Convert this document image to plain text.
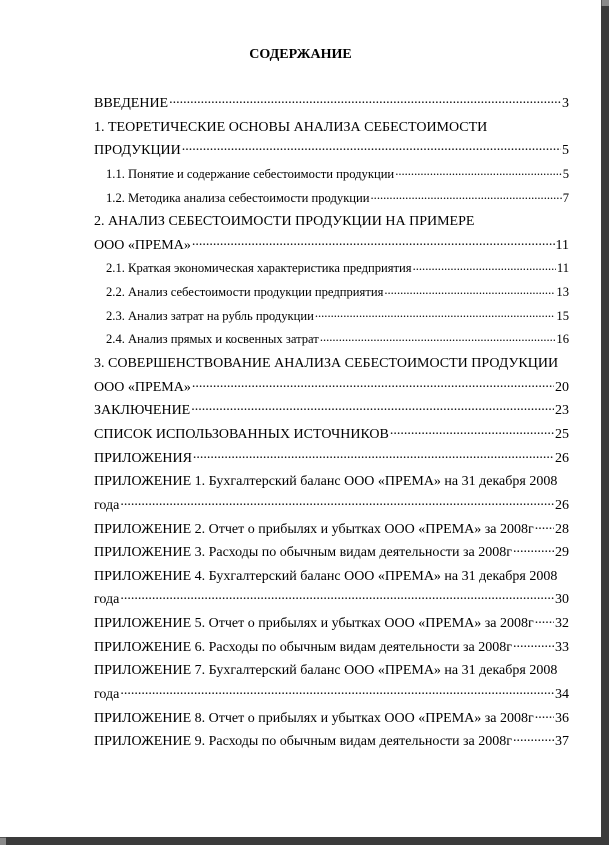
СОДЕРЖАНИЕ
ВВЕДЕНИЕ .....	3
1. ТЕОРЕТИЧЕСКИЕ ОСНОВЫ АНАЛИЗА СЕБЕСТОИМОСТИ
ПРОДУКЦИИ .....	5
1.1. Понятие и содержание себестоимости продукции .....	5
1.2. Методика анализа себестоимости продукции .....	7
2. АНАЛИЗ СЕБЕСТОИМОСТИ ПРОДУКЦИИ НА ПРИМЕРЕ
ООО «ПРЕМА» .....	11
2.1. Краткая экономическая характеристика предприятия .....	11
2.2. Анализ себестоимости продукции предприятия .....	13
2.3. Анализ затрат на рубль продукции .....	15
2.4. Анализ прямых и косвенных затрат .....	16
3. СОВЕРШЕНСТВОВАНИЕ АНАЛИЗА СЕБЕСТОИМОСТИ ПРОДУКЦИИ
ООО «ПРЕМА» .....	20
ЗАКЛЮЧЕНИЕ .....	23
СПИСОК ИСПОЛЬЗОВАННЫХ ИСТОЧНИКОВ .....	25
ПРИЛОЖЕНИЯ .....	26
ПРИЛОЖЕНИЕ 1. Бухгалтерский баланс ООО «ПРЕМА» на 31 декабря 2008
года .....	26
ПРИЛОЖЕНИЕ 2. Отчет о прибылях и убытках ООО «ПРЕМА» за 2008г ..... 28
ПРИЛОЖЕНИЕ 3. Расходы по обычным видам деятельности за 2008г .....	29
ПРИЛОЖЕНИЕ 4. Бухгалтерский баланс ООО «ПРЕМА» на 31 декабря 2008
года .....	30
ПРИЛОЖЕНИЕ 5. Отчет о прибылях и убытках ООО «ПРЕМА» за 2008г ..... 32
ПРИЛОЖЕНИЕ 6. Расходы по обычным видам деятельности за 2008г .....	33
ПРИЛОЖЕНИЕ 7. Бухгалтерский баланс ООО «ПРЕМА» на 31 декабря 2008
года .....	34
ПРИЛОЖЕНИЕ 8. Отчет о прибылях и убытках ООО «ПРЕМА» за 2008г ..... 36
ПРИЛОЖЕНИЕ 9. Расходы по обычным видам деятельности за 2008г .....	37
